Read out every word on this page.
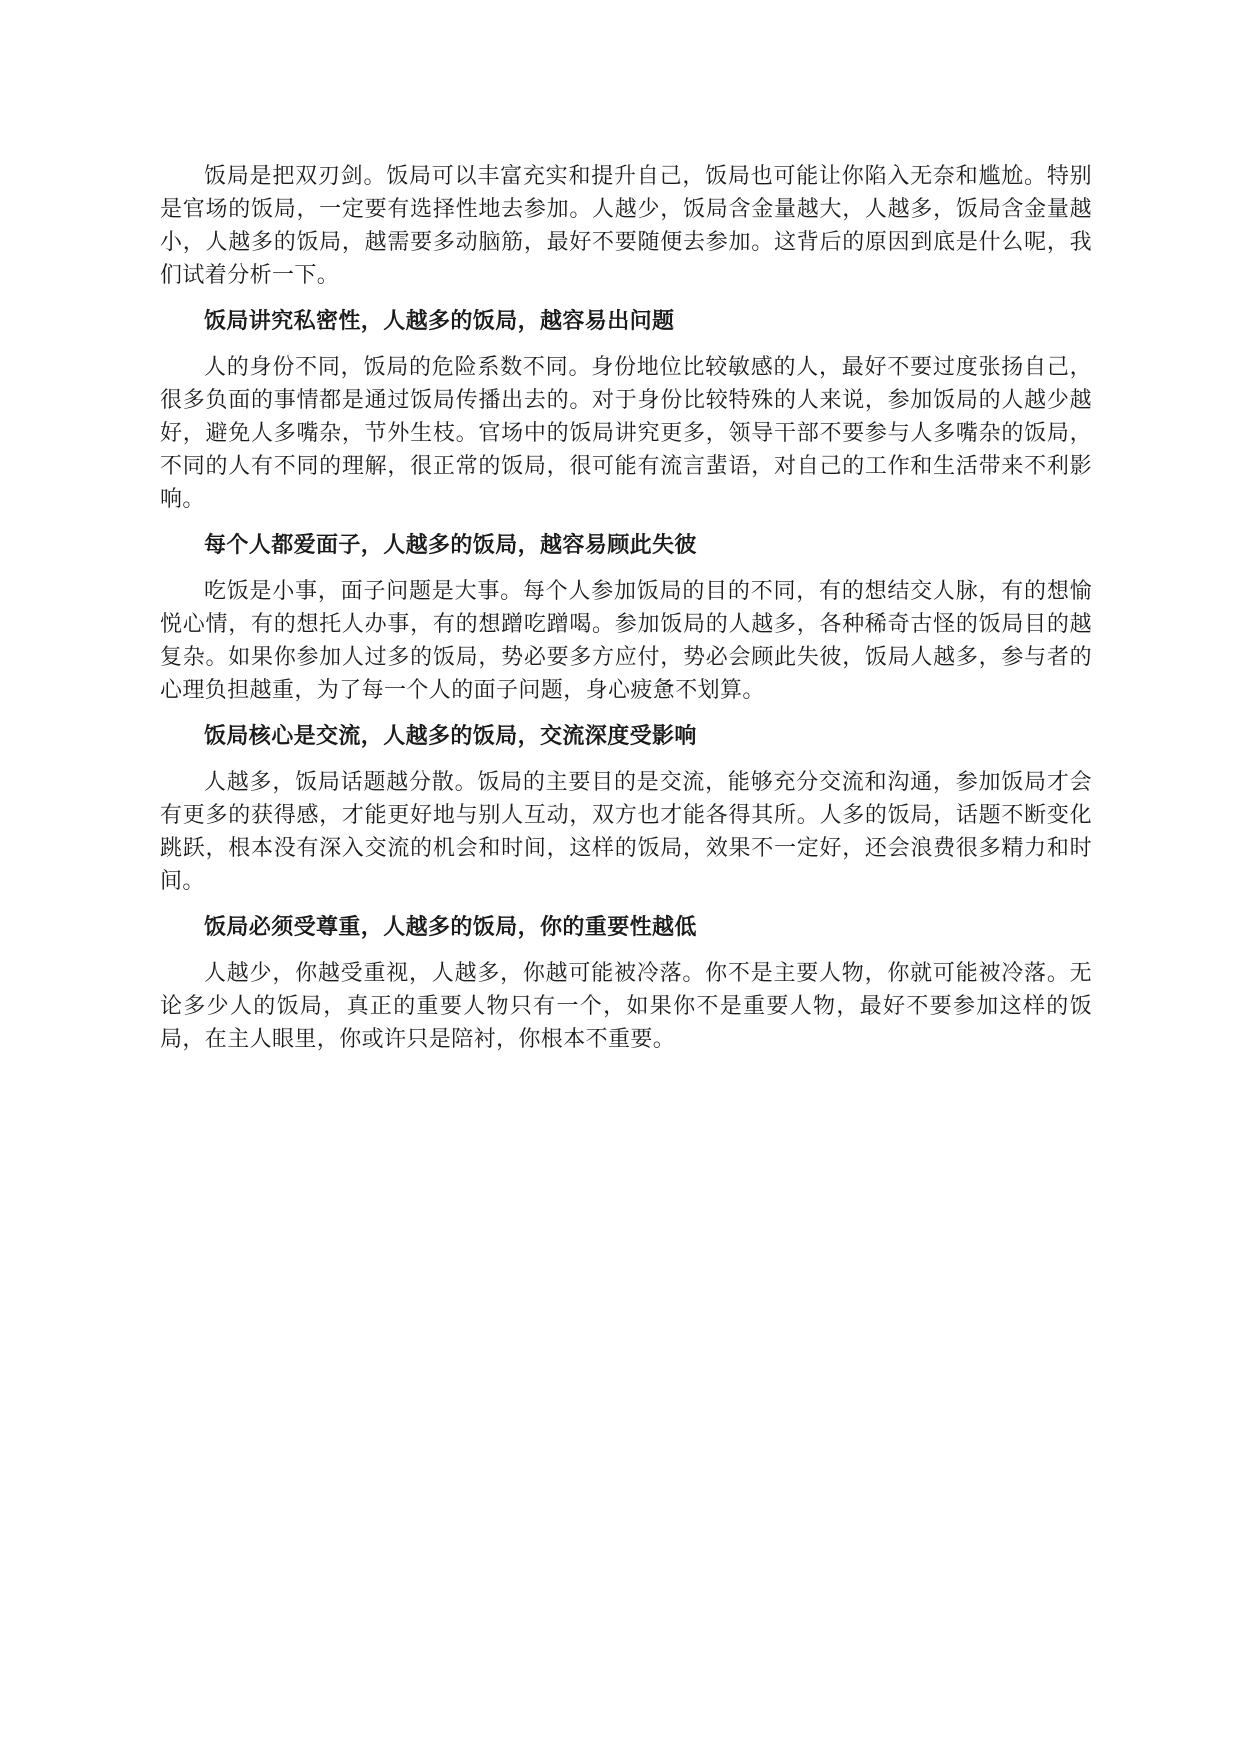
饭局是把双刃剑。饭局可以丰富充实和提升自己，饭局也可能让你陷入无奈和尴尬。特别是官场的饭局，一定要有选择性地去参加。人越少，饭局含金量越大，人越多，饭局含金量越小，人越多的饭局，越需要多动脑筋，最好不要随便去参加。这背后的原因到底是什么呢，我们试着分析一下。

饭局讲究私密性，人越多的饭局，越容易出问题

人的身份不同，饭局的危险系数不同。身份地位比较敏感的人，最好不要过度张扬自己，很多负面的事情都是通过饭局传播出去的。对于身份比较特殊的人来说，参加饭局的人越少越好，避免人多嘴杂，节外生枝。官场中的饭局讲究更多，领导干部不要参与人多嘴杂的饭局，不同的人有不同的理解，很正常的饭局，很可能有流言蜚语，对自己的工作和生活带来不利影响。

每个人都爱面子，人越多的饭局，越容易顾此失彼

吃饭是小事，面子问题是大事。每个人参加饭局的目的不同，有的想结交人脉，有的想愉悦心情，有的想托人办事，有的想蹭吃蹭喝。参加饭局的人越多，各种稀奇古怪的饭局目的越复杂。如果你参加人过多的饭局，势必要多方应付，势必会顾此失彼，饭局人越多，参与者的心理负担越重，为了每一个人的面子问题，身心疲惫不划算。

饭局核心是交流，人越多的饭局，交流深度受影响

人越多，饭局话题越分散。饭局的主要目的是交流，能够充分交流和沟通，参加饭局才会有更多的获得感，才能更好地与别人互动，双方也才能各得其所。人多的饭局，话题不断变化跳跃，根本没有深入交流的机会和时间，这样的饭局，效果不一定好，还会浪费很多精力和时间。

饭局必须受尊重，人越多的饭局，你的重要性越低

人越少，你越受重视，人越多，你越可能被冷落。你不是主要人物，你就可能被冷落。无论多少人的饭局，真正的重要人物只有一个，如果你不是重要人物，最好不要参加这样的饭局，在主人眼里，你或许只是陪衬，你根本不重要。
